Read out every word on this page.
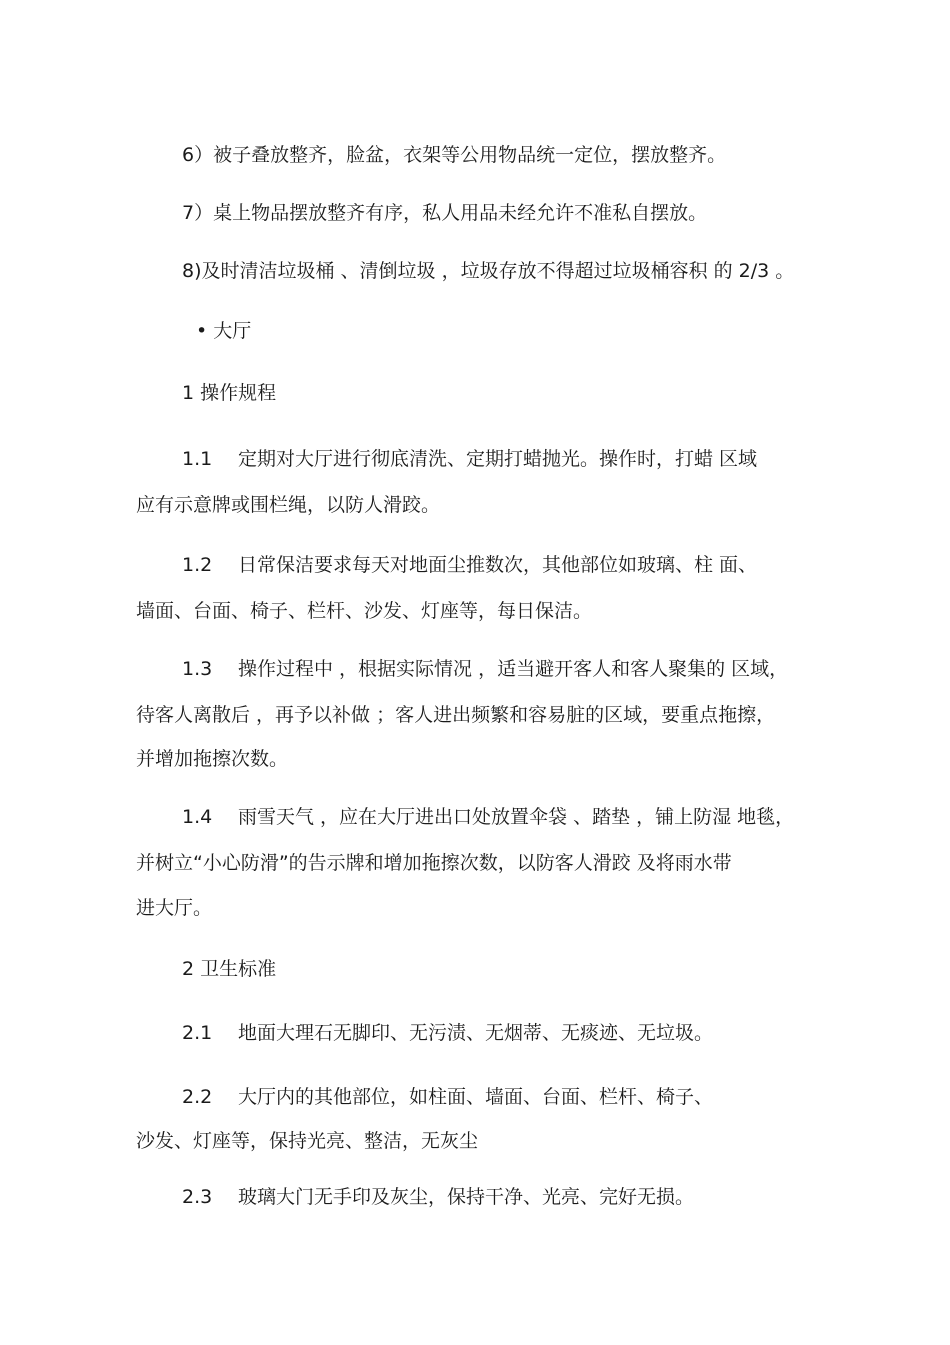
6）被子叠放整齐，脸盆，衣架等公用物品统一定位，摆放整齐。
7）桌上物品摆放整齐有序，私人用品未经允许不准私自摆放。
8)及时清洁垃圾桶 、清倒垃圾 ，垃圾存放不得超过垃圾桶容积 的 2/3 。
• 大厅
1 操作规程
1.1 定期对大厅进行彻底清洗、定期打蜡抛光。操作时，打蜡 区域
应有示意牌或围栏绳，以防人滑跤。
1.2 日常保洁要求每天对地面尘推数次，其他部位如玻璃、柱 面、
墙面、台面、椅子、栏杆、沙发、灯座等，每日保洁。
1.3 操作过程中 ，根据实际情况 ，适当避开客人和客人聚集的 区域，
待客人离散后 ，再予以补做 ；客人进出频繁和容易脏的区域，要重点拖擦，
并增加拖擦次数。
1.4 雨雪天气 ，应在大厅进出口处放置伞袋 、踏垫 ，铺上防湿 地毯，
并树立“小心防滑”的告示牌和增加拖擦次数，以防客人滑跤 及将雨水带
进大厅。
2 卫生标准
2.1 地面大理石无脚印、无污渍、无烟蒂、无痰迹、无垃圾。
2.2 大厅内的其他部位，如柱面、墙面、台面、栏杆、椅子、
沙发、灯座等，保持光亮、整洁，无灰尘
2.3 玻璃大门无手印及灰尘，保持干净、光亮、完好无损。
